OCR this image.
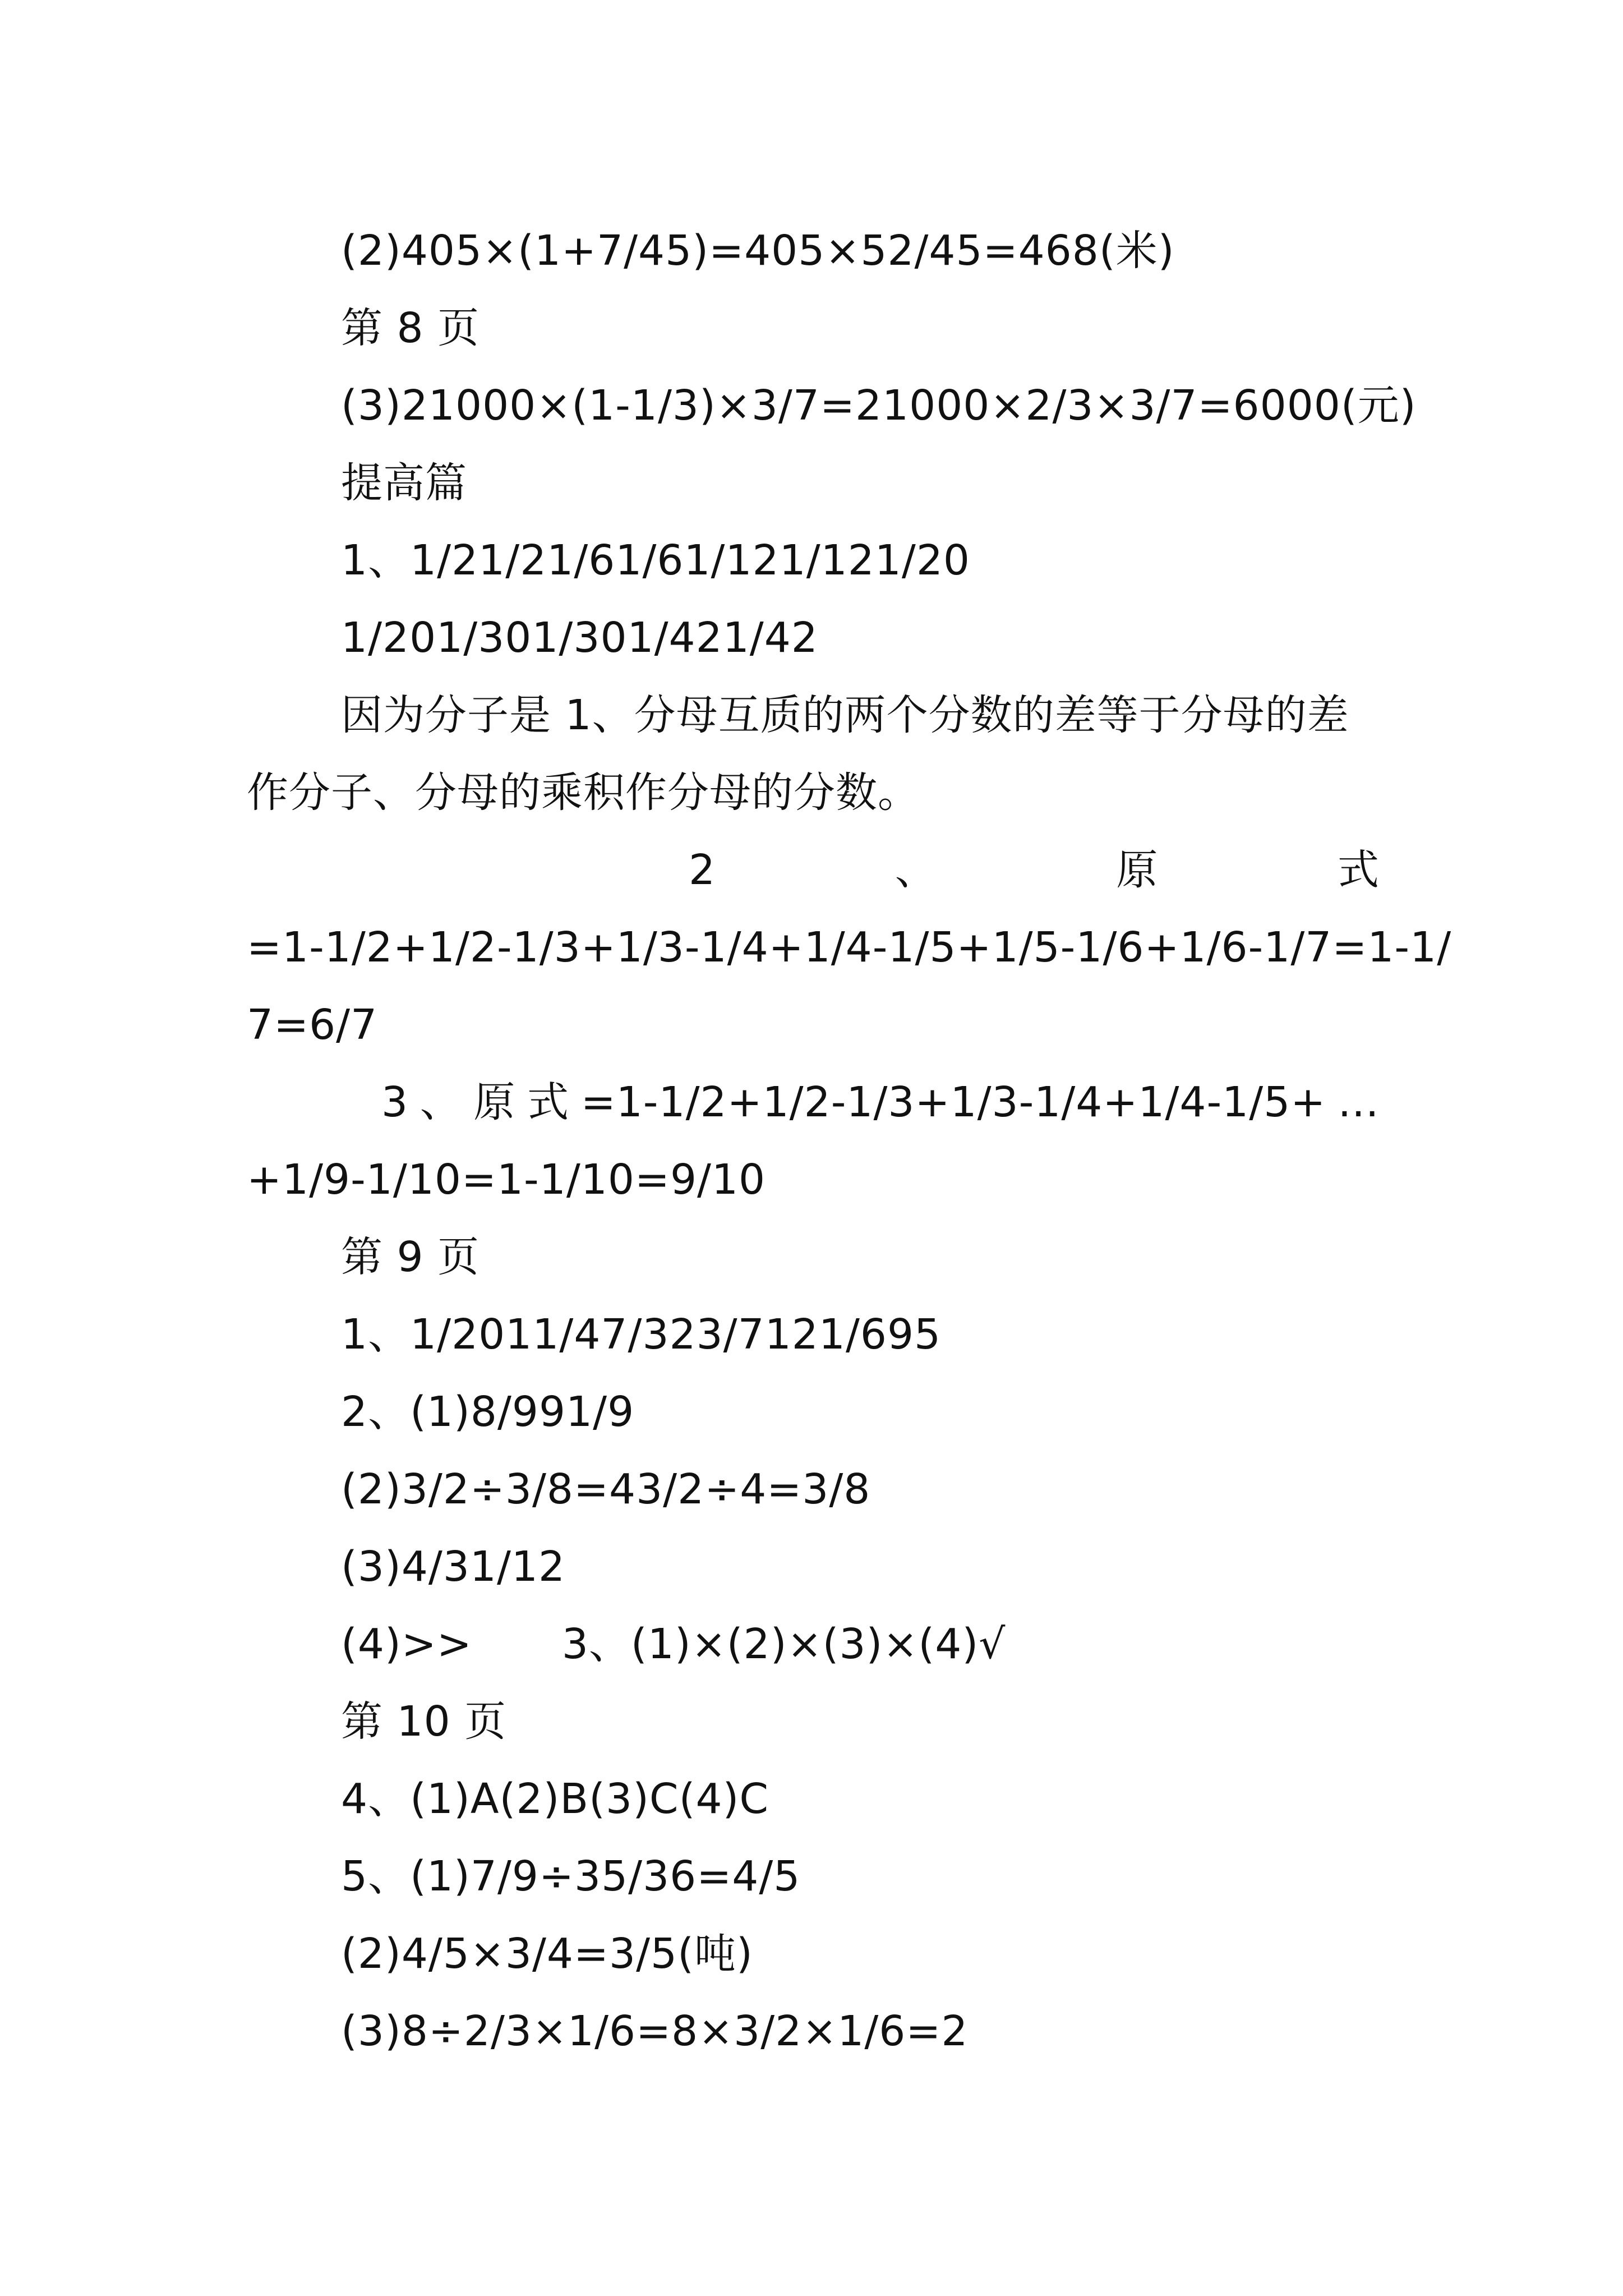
(2)405×(1+7/45)=405×52/45=468(米)
第 8 页
(3)21000×(1-1/3)×3/7=21000×2/3×3/7=6000(元)
提高篇
1、1/21/21/61/61/121/121/20
1/201/301/301/421/42
因为分子是 1、分母互质的两个分数的差等于分母的差
作分子、分母的乘积作分母的分数。
2	、	原	式
=1-1/2+1/2-1/3+1/3-1/4+1/4-1/5+1/5-1/6+1/6-1/7=1-1/
7=6/7
3 、 原 式 =1-1/2+1/2-1/3+1/3-1/4+1/4-1/5+ …
+1/9-1/10=1-1/10=9/10
第 9 页
1、1/2011/47/323/7121/695
2、(1)8/991/9
(2)3/2÷3/8=43/2÷4=3/8
(3)4/31/12
(4)>> 3、(1)×(2)×(3)×(4)√
第 10 页
4、(1)A(2)B(3)C(4)C
5、(1)7/9÷35/36=4/5
(2)4/5×3/4=3/5(吨)
(3)8÷2/3×1/6=8×3/2×1/6=2
